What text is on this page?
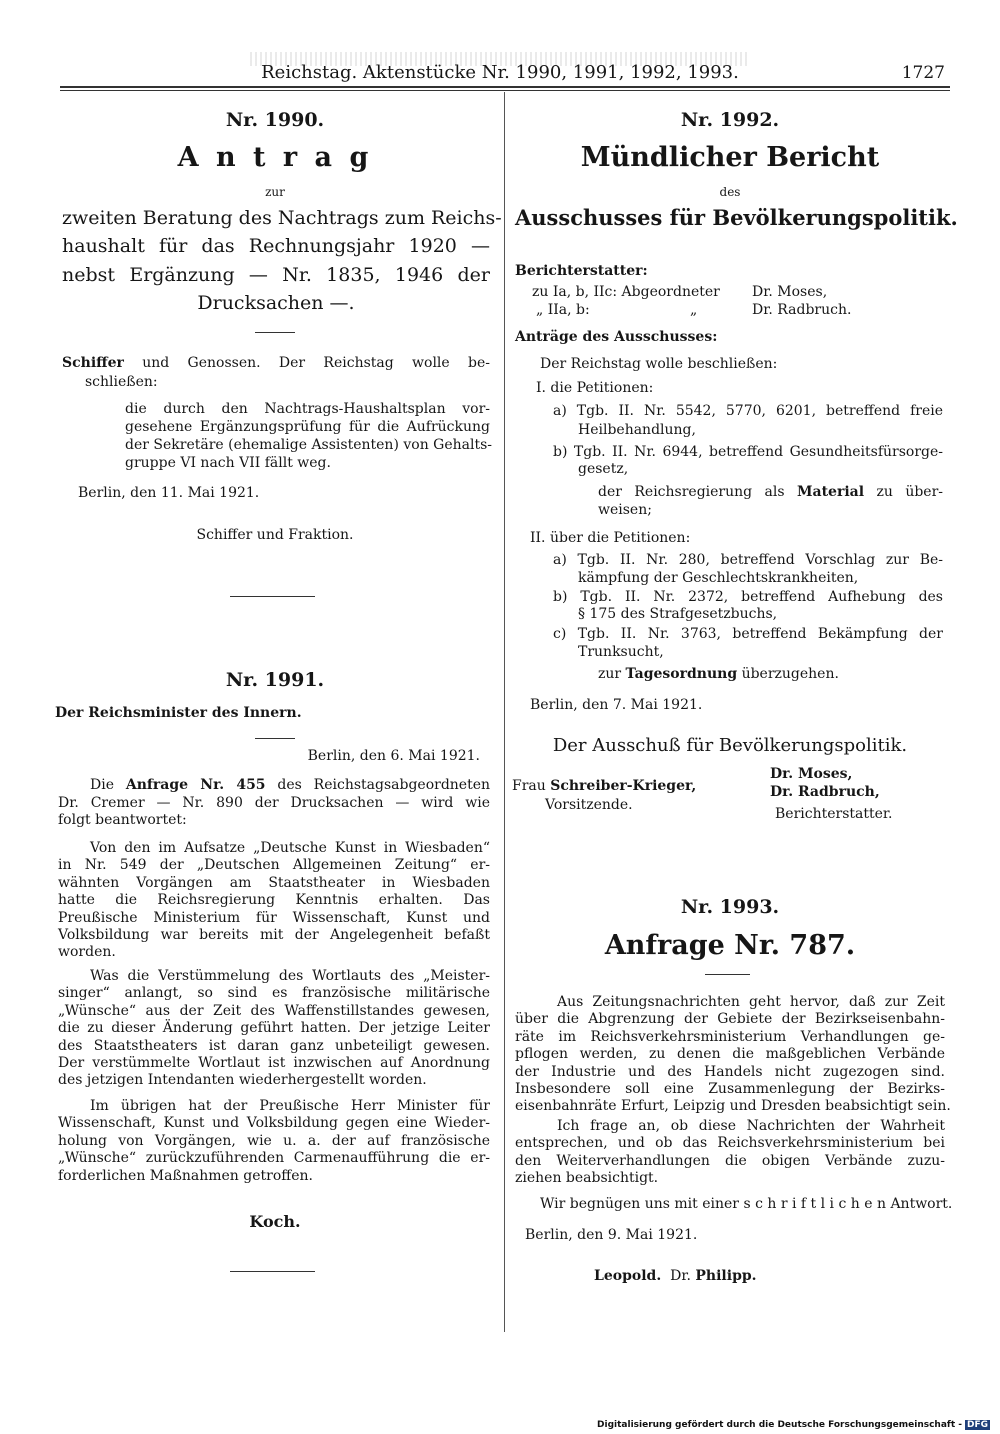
Reichstag. Aktenstücke Nr. 1990, 1991, 1992, 1993.	1727
Nr. 1990.
A n t r a g
zur
zweiten Beratung des Nachtrags zum Reichs-
haushalt für das Rechnungsjahr 1920 —
nebst Ergänzung — Nr. 1835, 1946 der
Drucksachen —.
Schiffer und Genossen. Der Reichstag wolle be-
schließen:
die durch den Nachtrags-Haushaltsplan vor-
gesehene Ergänzungsprüfung für die Aufrückung
der Sekretäre (ehemalige Assistenten) von Gehalts-
gruppe VI nach VII fällt weg.
Berlin, den 11. Mai 1921.
Schiffer und Fraktion.
Nr. 1991.
Der Reichsminister des Innern.
Berlin, den 6. Mai 1921.
Die Anfrage Nr. 455 des Reichstagsabgeordneten
Dr. Cremer — Nr. 890 der Drucksachen — wird wie
folgt beantwortet:
Von den im Aufsatze „Deutsche Kunst in Wiesbaden“
in Nr. 549 der „Deutschen Allgemeinen Zeitung“ er-
wähnten Vorgängen am Staatstheater in Wiesbaden
hatte die Reichsregierung Kenntnis erhalten. Das
Preußische Ministerium für Wissenschaft, Kunst und
Volksbildung war bereits mit der Angelegenheit befaßt
worden.
Was die Verstümmelung des Wortlauts des „Meister-
singer“ anlangt, so sind es französische militärische
„Wünsche“ aus der Zeit des Waffenstillstandes gewesen,
die zu dieser Änderung geführt hatten. Der jetzige Leiter
des Staatstheaters ist daran ganz unbeteiligt gewesen.
Der verstümmelte Wortlaut ist inzwischen auf Anordnung
des jetzigen Intendanten wiederhergestellt worden.
Im übrigen hat der Preußische Herr Minister für
Wissenschaft, Kunst und Volksbildung gegen eine Wieder-
holung von Vorgängen, wie u. a. der auf französische
„Wünsche“ zurückzuführenden Carmenaufführung die er-
forderlichen Maßnahmen getroffen.
Koch.
Nr. 1992.
Mündlicher Bericht
des
Ausschusses für Bevölkerungspolitik.
Berichterstatter:
zu Ia, b, IIc: Abgeordneter Dr. Moses,
„ IIa, b:	„	Dr. Radbruch.
Anträge des Ausschusses:
Der Reichstag wolle beschließen:
I. die Petitionen:
a) Tgb. II. Nr. 5542, 5770, 6201, betreffend freie
Heilbehandlung,
b) Tgb. II. Nr. 6944, betreffend Gesundheitsfürsorge-
gesetz,
der Reichsregierung als Material zu über-
weisen;
II. über die Petitionen:
a) Tgb. II. Nr. 280, betreffend Vorschlag zur Be-
kämpfung der Geschlechtskrankheiten,
b) Tgb. II. Nr. 2372, betreffend Aufhebung des
§ 175 des Strafgesetzbuchs,
c) Tgb. II. Nr. 3763, betreffend Bekämpfung der
Trunksucht,
zur Tagesordnung überzugehen.
Berlin, den 7. Mai 1921.
Der Ausschuß für Bevölkerungspolitik.
Frau Schreiber-Krieger,
Vorsitzende.
Dr. Moses,
Dr. Radbruch,
Berichterstatter.
Nr. 1993.
Anfrage Nr. 787.
Aus Zeitungsnachrichten geht hervor, daß zur Zeit
über die Abgrenzung der Gebiete der Bezirkseisenbahn-
räte im Reichsverkehrsministerium Verhandlungen ge-
pflogen werden, zu denen die maßgeblichen Verbände
der Industrie und des Handels nicht zugezogen sind.
Insbesondere soll eine Zusammenlegung der Bezirks-
eisenbahnräte Erfurt, Leipzig und Dresden beabsichtigt sein.
Ich frage an, ob diese Nachrichten der Wahrheit
entsprechen, und ob das Reichsverkehrsministerium bei
den Weiterverhandlungen die obigen Verbände zuzu-
ziehen beabsichtigt.
Wir begnügen uns mit einer s c h r i f t l i c h e n Antwort.
Berlin, den 9. Mai 1921.
Leopold. Dr. Philipp.
Digitalisierung gefördert durch die Deutsche Forschungsgemeinschaft - DFG
